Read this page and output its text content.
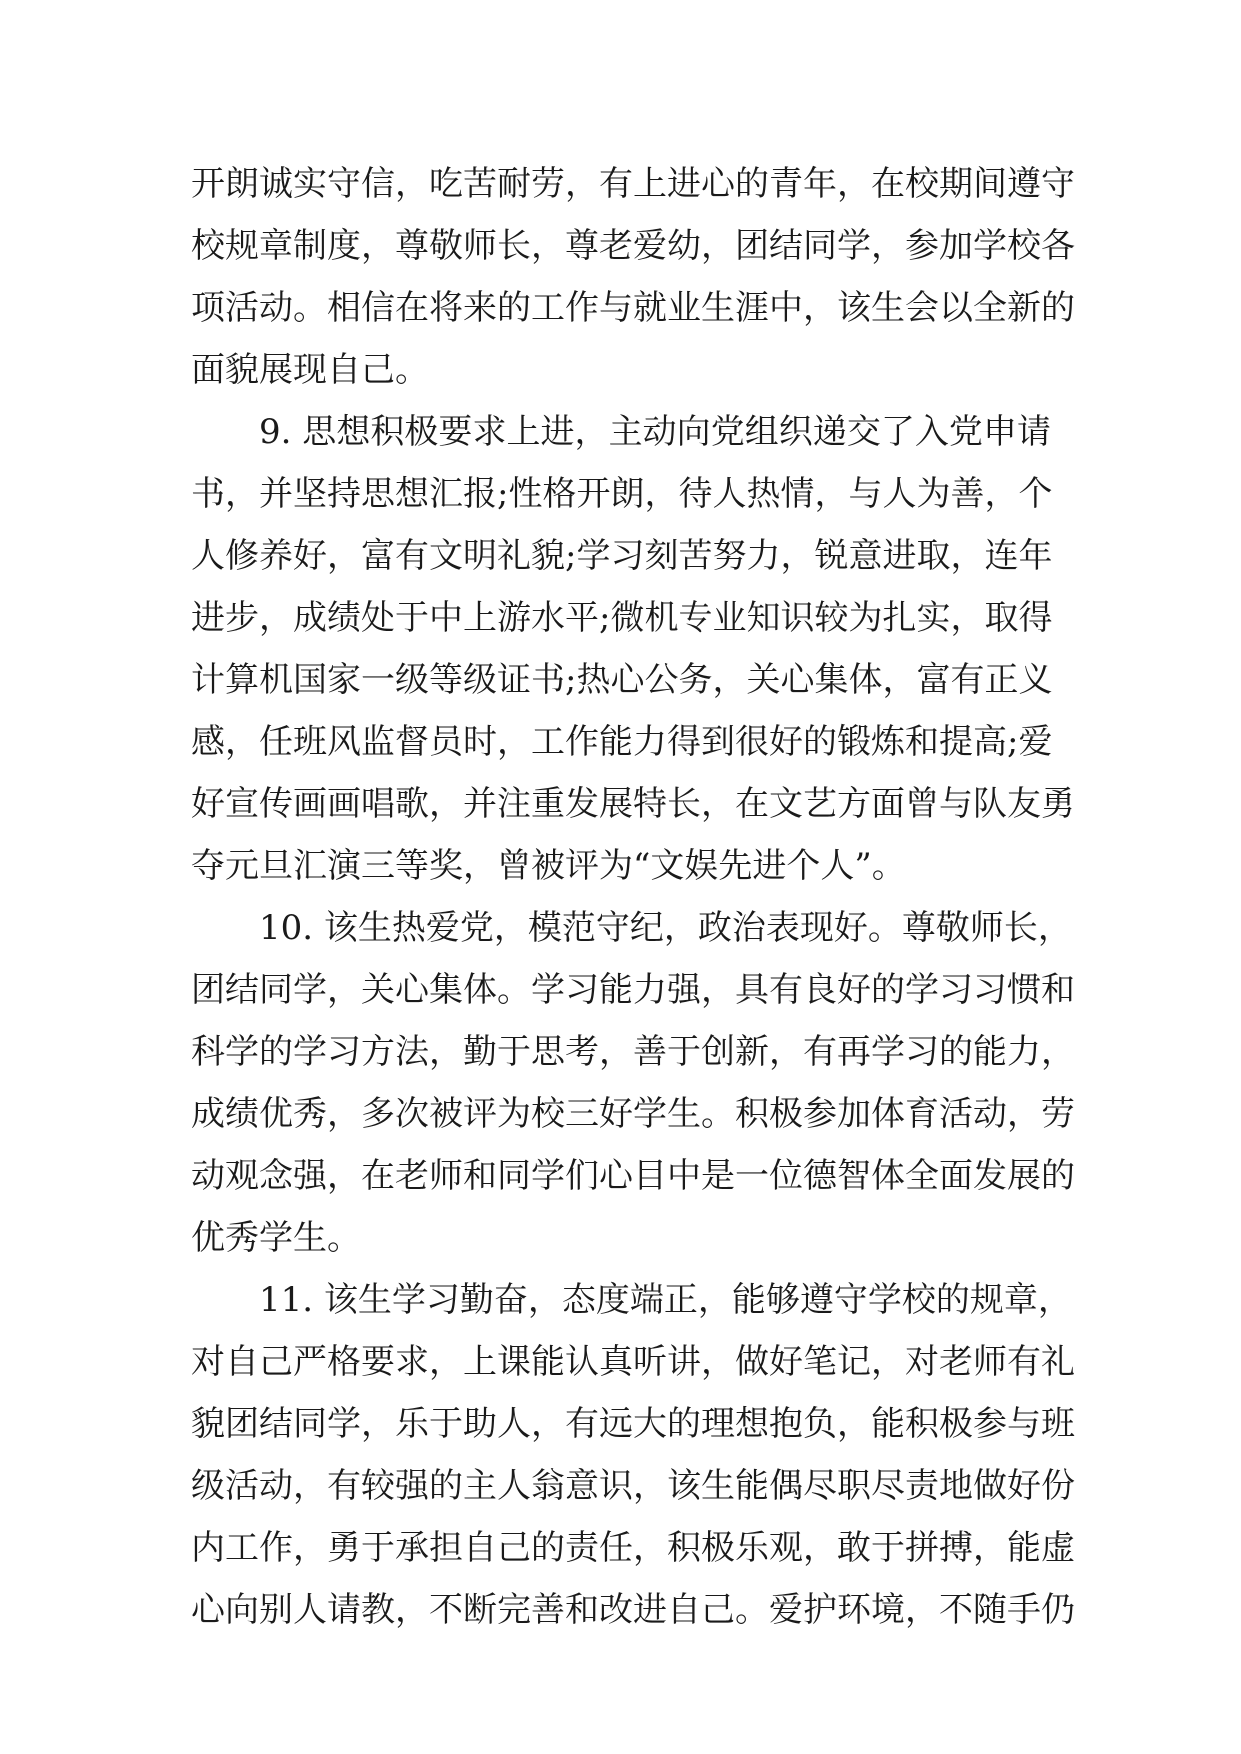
开朗诚实守信，吃苦耐劳，有上进心的青年，在校期间遵守
校规章制度，尊敬师长，尊老爱幼，团结同学，参加学校各
项活动。相信在将来的工作与就业生涯中，该生会以全新的
面貌展现自己。
9. 思想积极要求上进，主动向党组织递交了入党申请
书，并坚持思想汇报;性格开朗，待人热情，与人为善，个
人修养好，富有文明礼貌;学习刻苦努力，锐意进取，连年
进步，成绩处于中上游水平;微机专业知识较为扎实，取得
计算机国家一级等级证书;热心公务，关心集体，富有正义
感，任班风监督员时，工作能力得到很好的锻炼和提高;爱
好宣传画画唱歌，并注重发展特长，在文艺方面曾与队友勇
夺元旦汇演三等奖，曾被评为“文娱先进个人”。
10. 该生热爱党，模范守纪，政治表现好。尊敬师长，
团结同学，关心集体。学习能力强，具有良好的学习习惯和
科学的学习方法，勤于思考，善于创新，有再学习的能力，
成绩优秀，多次被评为校三好学生。积极参加体育活动，劳
动观念强，在老师和同学们心目中是一位德智体全面发展的
优秀学生。
11. 该生学习勤奋，态度端正，能够遵守学校的规章，
对自己严格要求，上课能认真听讲，做好笔记，对老师有礼
貌团结同学，乐于助人，有远大的理想抱负，能积极参与班
级活动，有较强的主人翁意识，该生能偶尽职尽责地做好份
内工作，勇于承担自己的责任，积极乐观，敢于拼搏，能虚
心向别人请教，不断完善和改进自己。爱护环境，不随手仍
